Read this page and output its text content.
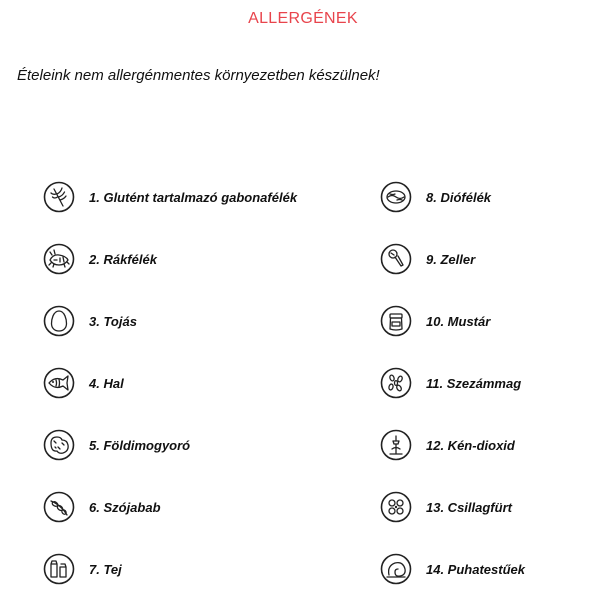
ALLERGÉNEK
Ételeink nem allergénmentes környezetben készülnek!
1. Glutént tartalmazó gabonafélék
2. Rákfélék
3. Tojás
4. Hal
5. Földimogyoró
6. Szójabab
7. Tej
8. Diófélék
9. Zeller
10. Mustár
11. Szezámmag
12. Kén-dioxid
13. Csillagfürt
14. Puhatestűek
